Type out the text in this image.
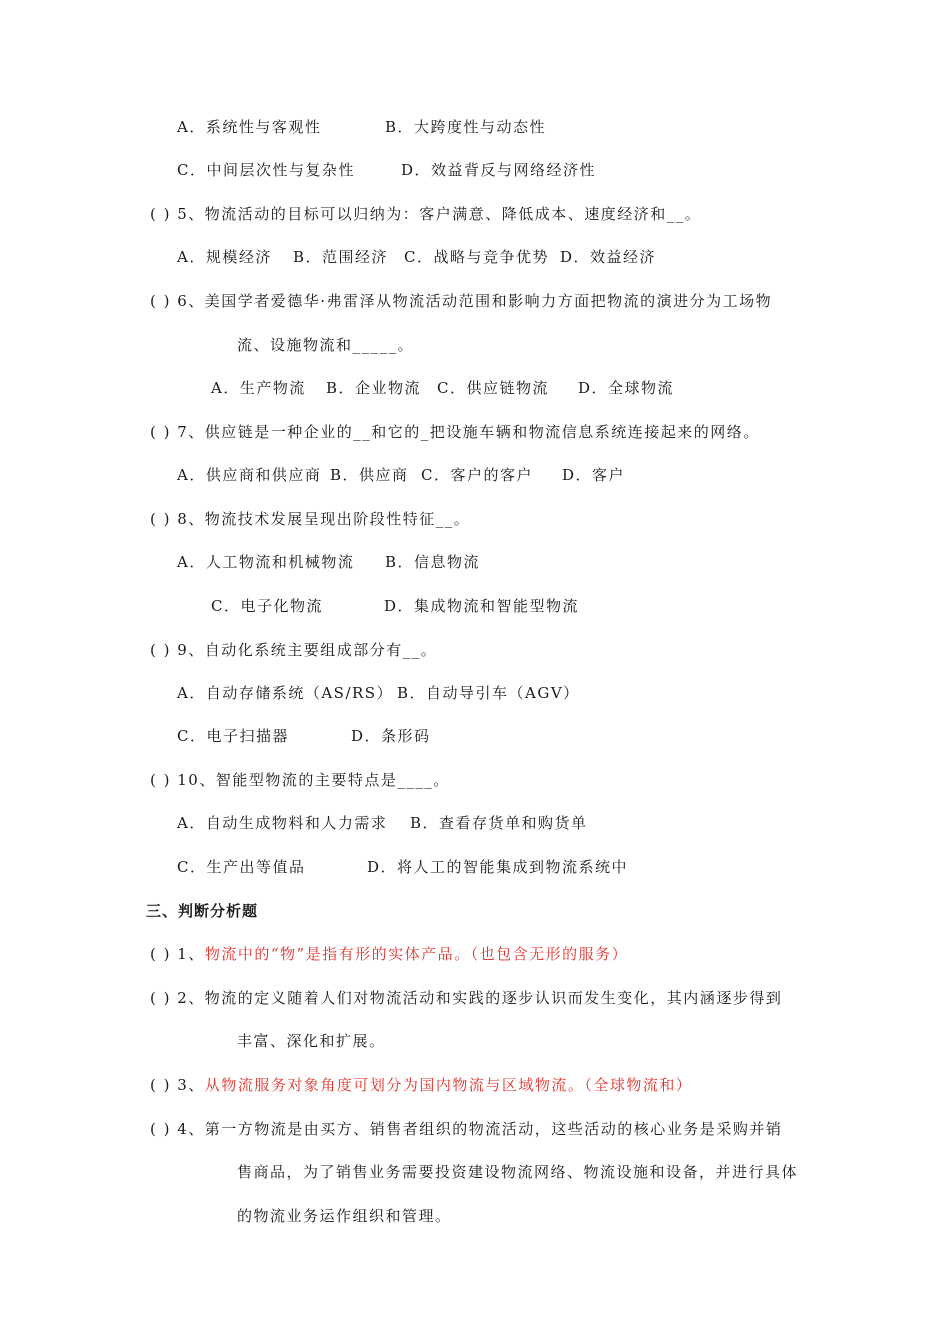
A．系统性与客观性	B．大跨度性与动态性
C．中间层次性与复杂性	D．效益背反与网络经济性
( ) 5、物流活动的目标可以归纳为：客户满意、降低成本、速度经济和__。
A．规模经济 B．范围经济 C．战略与竞争优势 D．效益经济
( ) 6、美国学者爱德华·弗雷泽从物流活动范围和影响力方面把物流的演进分为工场物
流、设施物流和_____。
A．生产物流 B．企业物流 C．供应链物流 D．全球物流
( ) 7、供应链是一种企业的__和它的_把设施车辆和物流信息系统连接起来的网络。
A．供应商和供应商 B．供应商 C．客户的客户 D．客户
( ) 8、物流技术发展呈现出阶段性特征__。
A．人工物流和机械物流 B．信息物流
C．电子化物流	D．集成物流和智能型物流
( ) 9、自动化系统主要组成部分有__。
A．自动存储系统（AS/RS） B．自动导引车（AGV）
C．电子扫描器	D．条形码
( ) 10、智能型物流的主要特点是____。
A．自动生成物料和人力需求 B．查看存货单和购货单
C．生产出等值品	D．将人工的智能集成到物流系统中
三、判断分析题
( ) 1、物流中的“物”是指有形的实体产品。（也包含无形的服务）
( ) 2、物流的定义随着人们对物流活动和实践的逐步认识而发生变化，其内涵逐步得到
丰富、深化和扩展。
( ) 3、从物流服务对象角度可划分为国内物流与区域物流。（全球物流和）
( ) 4、第一方物流是由买方、销售者组织的物流活动，这些活动的核心业务是采购并销
售商品，为了销售业务需要投资建设物流网络、物流设施和设备，并进行具体
的物流业务运作组织和管理。
